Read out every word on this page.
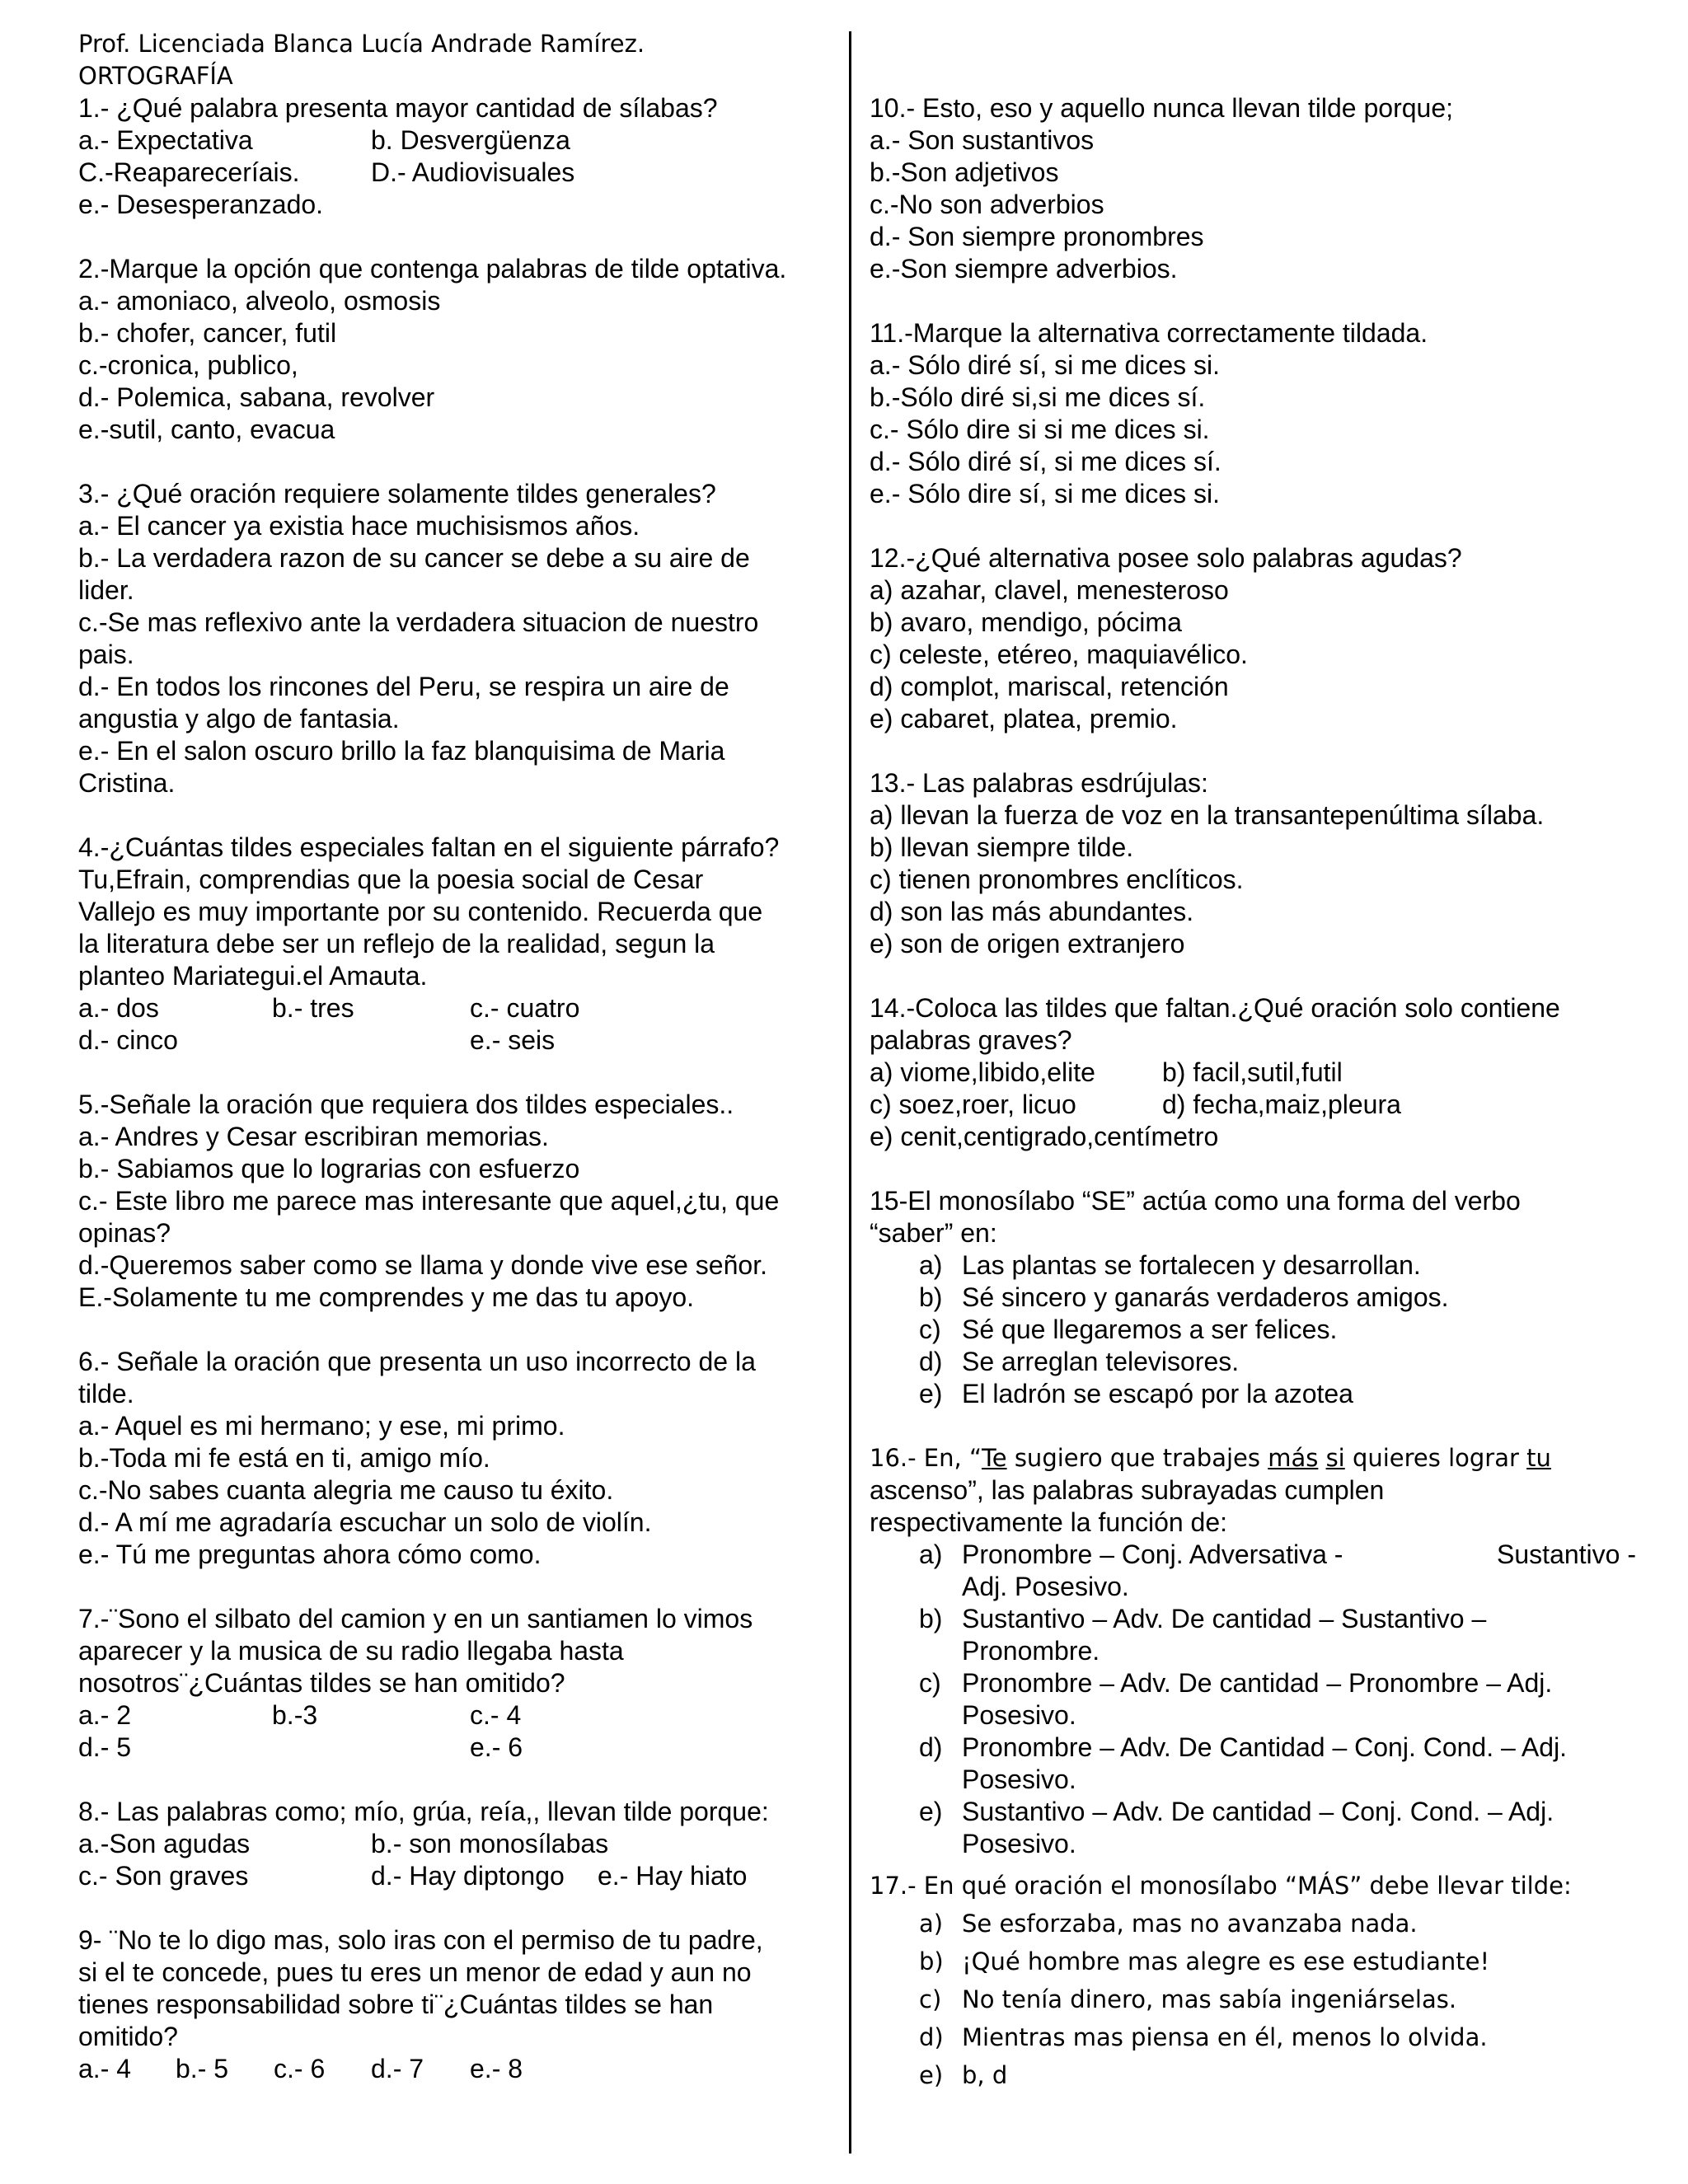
Prof. Licenciada Blanca Lucía Andrade Ramírez.
ORTOGRAFÍA
1.- ¿Qué palabra presenta mayor cantidad de sílabas?
a.- Expectativa	b. Desvergüenza
C.-Reapareceríais.	D.- Audiovisuales
e.- Desesperanzado.
2.-Marque la opción que contenga palabras de tilde optativa.
a.- amoniaco, alveolo, osmosis
b.- chofer, cancer, futil
c.-cronica, publico,
d.- Polemica, sabana, revolver
e.-sutil, canto, evacua
3.- ¿Qué oración requiere solamente tildes generales?
a.- El cancer ya existia hace muchisismos años.
b.- La verdadera razon de su cancer se debe a su aire de
lider.
c.-Se mas reflexivo ante la verdadera situacion de nuestro
pais.
d.- En todos los rincones del Peru, se respira un aire de
angustia y algo de fantasia.
e.- En el salon oscuro brillo la faz blanquisima de Maria
Cristina.
4.-¿Cuántas tildes especiales faltan en el siguiente párrafo?
Tu,Efrain, comprendias que la poesia social de Cesar
Vallejo es muy importante por su contenido. Recuerda que
la literatura debe ser un reflejo de la realidad, segun la
planteo Mariategui.el Amauta.
a.- dos	b.- tres	c.- cuatro
d.- cinco	e.- seis
5.-Señale la oración que requiera dos tildes especiales..
a.- Andres y Cesar escribiran memorias.
b.- Sabiamos que lo lograrias con esfuerzo
c.- Este libro me parece mas interesante que aquel,¿tu, que
opinas?
d.-Queremos saber como se llama y donde vive ese señor.
E.-Solamente tu me comprendes y me das tu apoyo.
6.- Señale la oración que presenta un uso incorrecto de la
tilde.
a.- Aquel es mi hermano; y ese, mi primo.
b.-Toda mi fe está en ti, amigo mío.
c.-No sabes cuanta alegria me causo tu éxito.
d.- A mí me agradaría escuchar un solo de violín.
e.- Tú me preguntas ahora cómo como.
7.-¨Sono el silbato del camion y en un santiamen lo vimos
aparecer y la musica de su radio llegaba hasta
nosotros¨¿Cuántas tildes se han omitido?
a.- 2	b.-3	c.- 4
d.- 5	e.- 6
8.- Las palabras como; mío, grúa, reía,, llevan tilde porque:
a.-Son agudas	b.- son monosílabas
c.- Son graves	d.- Hay diptongo e.- Hay hiato
9- ¨No te lo digo mas, solo iras con el permiso de tu padre,
si el te concede, pues tu eres un menor de edad y aun no
tienes responsabilidad sobre ti¨¿Cuántas tildes se han
omitido?
a.- 4 b.- 5 c.- 6 d.- 7 e.- 8
10.- Esto, eso y aquello nunca llevan tilde porque;
a.- Son sustantivos
b.-Son adjetivos
c.-No son adverbios
d.- Son siempre pronombres
e.-Son siempre adverbios.
11.-Marque la alternativa correctamente tildada.
a.- Sólo diré sí, si me dices si.
b.-Sólo diré si,si me dices sí.
c.- Sólo dire si si me dices si.
d.- Sólo diré sí, si me dices sí.
e.- Sólo dire sí, si me dices si.
12.-¿Qué alternativa posee solo palabras agudas?
a) azahar, clavel, menesteroso
b) avaro, mendigo, pócima
c) celeste, etéreo, maquiavélico.
d) complot, mariscal, retención
e) cabaret, platea, premio.
13.- Las palabras esdrújulas:
a) llevan la fuerza de voz en la transantepenúltima sílaba.
b) llevan siempre tilde.
c) tienen pronombres enclíticos.
d) son las más abundantes.
e) son de origen extranjero
14.-Coloca las tildes que faltan.¿Qué oración solo contiene
palabras graves?
a) viome,libido,elite	b) facil,sutil,futil
c) soez,roer, licuo	d) fecha,maiz,pleura
e) cenit,centigrado,centímetro
15-El monosílabo “SE” actúa como una forma del verbo
“saber” en:
a) Las plantas se fortalecen y desarrollan.
b) Sé sincero y ganarás verdaderos amigos.
c) Sé que llegaremos a ser felices.
d) Se arreglan televisores.
e) El ladrón se escapó por la azotea
16.- En, “Te sugiero que trabajes más si quieres lograr tu
ascenso”, las palabras subrayadas cumplen
respectivamente la función de:
a) Pronombre – Conj. Adversativa -	Sustantivo -
Adj. Posesivo.
b) Sustantivo – Adv. De cantidad – Sustantivo –
Pronombre.
c) Pronombre – Adv. De cantidad – Pronombre – Adj.
Posesivo.
d) Pronombre – Adv. De Cantidad – Conj. Cond. – Adj.
Posesivo.
e) Sustantivo – Adv. De cantidad – Conj. Cond. – Adj.
Posesivo.
17.- En qué oración el monosílabo “MÁS” debe llevar tilde:
a) Se esforzaba, mas no avanzaba nada.
b) ¡Qué hombre mas alegre es ese estudiante!
c) No tenía dinero, mas sabía ingeniárselas.
d) Mientras mas piensa en él, menos lo olvida.
e) b, d
